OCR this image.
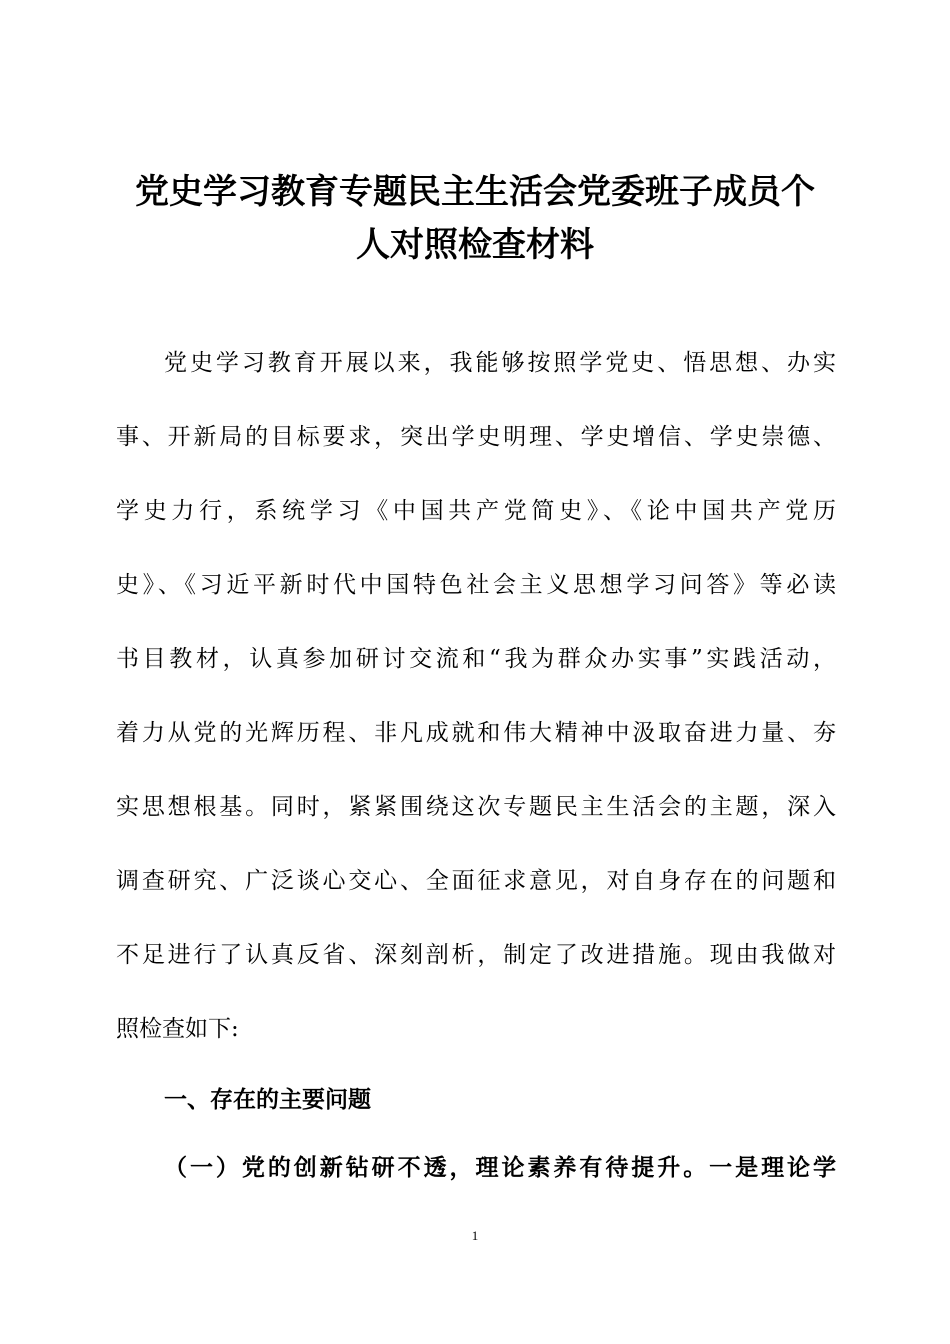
党史学习教育专题民主生活会党委班子成员个
人对照检查材料
党史学习教育开展以来，我能够按照学党史、悟思想、办实
事、开新局的目标要求，突出学史明理、学史增信、学史崇德、
学史力行，系统学习《中国共产党简史》、《论中国共产党历
史》、《习近平新时代中国特色社会主义思想学习问答》等必读
书目教材，认真参加研讨交流和“我为群众办实事”实践活动，
着力从党的光辉历程、非凡成就和伟大精神中汲取奋进力量、夯
实思想根基。同时，紧紧围绕这次专题民主生活会的主题，深入
调查研究、广泛谈心交心、全面征求意见，对自身存在的问题和
不足进行了认真反省、深刻剖析，制定了改进措施。现由我做对
照检查如下:
一、存在的主要问题
（一）党的创新钻研不透，理论素养有待提升。一是理论学
1
